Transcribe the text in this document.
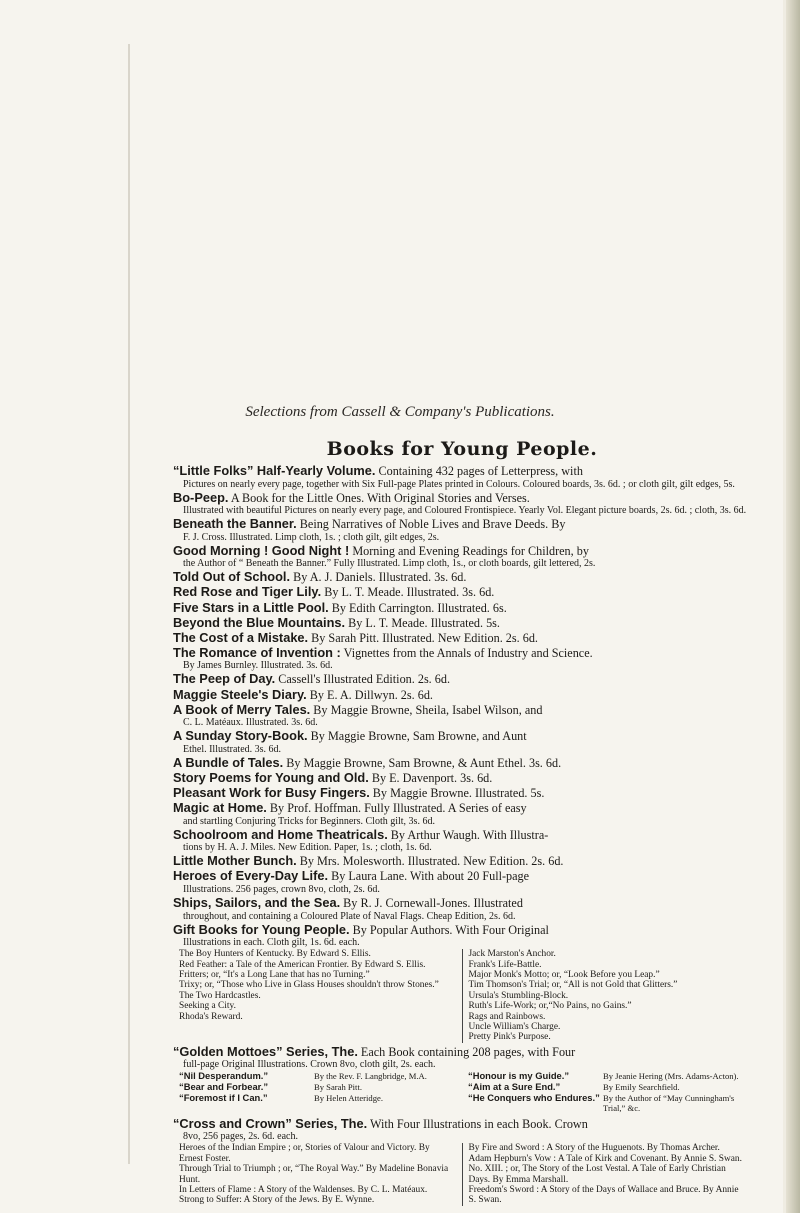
Selections from Cassell & Company's Publications.
Books for Young People.

“Little Folks” Half-Yearly Volume. Containing 432 pages of Letterpress, with
Pictures on nearly every page, together with Six Full-page Plates printed in Colours. Coloured boards, 3s. 6d. ; or cloth gilt, gilt edges, 5s.

Bo-Peep. A Book for the Little Ones. With Original Stories and Verses.
Illustrated with beautiful Pictures on nearly every page, and Coloured Frontispiece. Yearly Vol. Elegant picture boards, 2s. 6d. ; cloth, 3s. 6d.

Beneath the Banner. Being Narratives of Noble Lives and Brave Deeds. By
F. J. Cross. Illustrated. Limp cloth, 1s. ; cloth gilt, gilt edges, 2s.

Good Morning ! Good Night ! Morning and Evening Readings for Children, by
the Author of “ Beneath the Banner.” Fully Illustrated. Limp cloth, 1s., or cloth boards, gilt lettered, 2s.

Told Out of School. By A. J. Daniels. Illustrated. 3s. 6d.

Red Rose and Tiger Lily. By L. T. Meade. Illustrated. 3s. 6d.

Five Stars in a Little Pool. By Edith Carrington. Illustrated. 6s.

Beyond the Blue Mountains. By L. T. Meade. Illustrated. 5s.

The Cost of a Mistake. By Sarah Pitt. Illustrated. New Edition. 2s. 6d.

The Romance of Invention : Vignettes from the Annals of Industry and Science.
By James Burnley. Illustrated. 3s. 6d.

The Peep of Day. Cassell's Illustrated Edition. 2s. 6d.

Maggie Steele's Diary. By E. A. Dillwyn. 2s. 6d.

A Book of Merry Tales. By Maggie Browne, Sheila, Isabel Wilson, and
C. L. Matéaux. Illustrated. 3s. 6d.

A Sunday Story-Book. By Maggie Browne, Sam Browne, and Aunt
Ethel. Illustrated. 3s. 6d.

A Bundle of Tales. By Maggie Browne, Sam Browne, & Aunt Ethel. 3s. 6d.

Story Poems for Young and Old. By E. Davenport. 3s. 6d.

Pleasant Work for Busy Fingers. By Maggie Browne. Illustrated. 5s.

Magic at Home. By Prof. Hoffman. Fully Illustrated. A Series of easy
and startling Conjuring Tricks for Beginners. Cloth gilt, 3s. 6d.

Schoolroom and Home Theatricals. By Arthur Waugh. With Illustra-
tions by H. A. J. Miles. New Edition. Paper, 1s. ; cloth, 1s. 6d.

Little Mother Bunch. By Mrs. Molesworth. Illustrated. New Edition. 2s. 6d.

Heroes of Every-Day Life. By Laura Lane. With about 20 Full-page
Illustrations. 256 pages, crown 8vo, cloth, 2s. 6d.

Ships, Sailors, and the Sea. By R. J. Cornewall-Jones. Illustrated
throughout, and containing a Coloured Plate of Naval Flags. Cheap Edition, 2s. 6d.

Gift Books for Young People. By Popular Authors. With Four Original
Illustrations in each. Cloth gilt, 1s. 6d. each.

The Boy Hunters of Kentucky. By Edward S. Ellis.

Red Feather: a Tale of the American Frontier. By Edward S. Ellis.

Fritters; or, “It's a Long Lane that has no Turning.”

Trixy; or, “Those who Live in Glass Houses shouldn't throw Stones.”

The Two Hardcastles.

Seeking a City.

Rhoda's Reward.

Jack Marston's Anchor.

Frank's Life-Battle.

Major Monk's Motto; or, “Look Before you Leap.”

Tim Thomson's Trial; or, “All is not Gold that Glitters.”

Ursula's Stumbling-Block.

Ruth's Life-Work; or,“No Pains, no Gains.”

Rags and Rainbows.

Uncle William's Charge.

Pretty Pink's Purpose.

“Golden Mottoes” Series, The. Each Book containing 208 pages, with Four
full-page Original Illustrations. Crown 8vo, cloth gilt, 2s. each.

“Nil Desperandum.”	By the Rev. F. Langbridge, M.A.
“Bear and Forbear.”	By Sarah Pitt.
“Foremost if I Can.”	By Helen Atteridge.
“Honour is my Guide.”	By Jeanie Hering (Mrs. Adams-Acton).
“Aim at a Sure End.”	By Emily Searchfield.
“He Conquers who Endures.” By the Author of “May Cunningham's Trial,” &c.

“Cross and Crown” Series, The. With Four Illustrations in each Book. Crown
8vo, 256 pages, 2s. 6d. each.

Heroes of the Indian Empire ; or, Stories of Valour and Victory. By Ernest Foster.

Through Trial to Triumph ; or, “The Royal Way.” By Madeline Bonavia Hunt.

In Letters of Flame : A Story of the Waldenses. By C. L. Matéaux.

Strong to Suffer: A Story of the Jews. By E. Wynne.

By Fire and Sword : A Story of the Huguenots. By Thomas Archer.

Adam Hepburn's Vow : A Tale of Kirk and Covenant. By Annie S. Swan.

No. XIII. ; or, The Story of the Lost Vestal. A Tale of Early Christian Days. By Emma Marshall.

Freedom's Sword : A Story of the Days of Wallace and Bruce. By Annie S. Swan.
